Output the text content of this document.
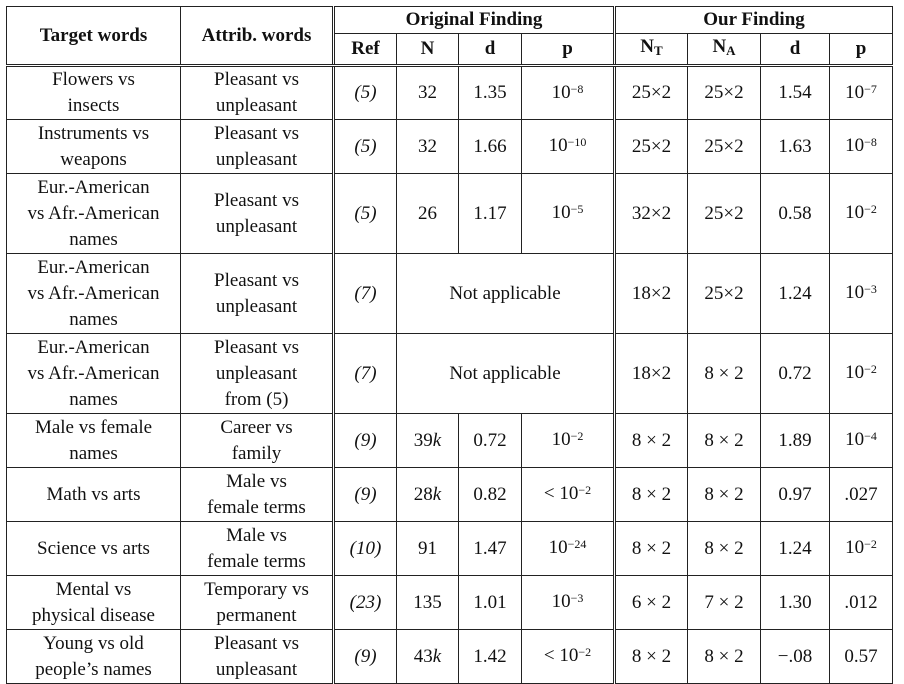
Target words	Attrib. words	Original Finding				Our Finding			
		Ref	N	d	p	$N_T$	$N_A$	d	p
Flowers vs
insects	Pleasant vs
unpleasant	(5)	32	1.35	$10^{-8}$	25×2	25×2	1.54	$10^{-7}$
Instruments vs
weapons	Pleasant vs
unpleasant	(5)	32	1.66	$10^{-10}$	25×2	25×2	1.63	$10^{-8}$
Eur.-American
vs Afr.-American
names	Pleasant vs
unpleasant	(5)	26	1.17	$10^{-5}$	32×2	25×2	0.58	$10^{-2}$
Eur.-American
vs Afr.-American
names	Pleasant vs
unpleasant	(7)	Not applicable			18×2	25×2	1.24	$10^{-3}$
Eur.-American
vs Afr.-American
names	Pleasant vs
unpleasant
from (5)	(7)	Not applicable			18×2	8 × 2	0.72	$10^{-2}$
Male vs female
names	Career vs
family	(9)	39k	0.72	$10^{-2}$	8 × 2	8 × 2	1.89	$10^{-4}$
Math vs arts	Male vs
female terms	(9)	28k	0.82	< $10^{-2}$	8 × 2	8 × 2	0.97	.027
Science vs arts	Male vs
female terms	(10)	91	1.47	$10^{-24}$	8 × 2	8 × 2	1.24	$10^{-2}$
Mental vs
physical disease	Temporary vs
permanent	(23)	135	1.01	$10^{-3}$	6 × 2	7 × 2	1.30	.012
Young vs old
people’s names	Pleasant vs
unpleasant	(9)	43k	1.42	< $10^{-2}$	8 × 2	8 × 2	−.08	0.57
